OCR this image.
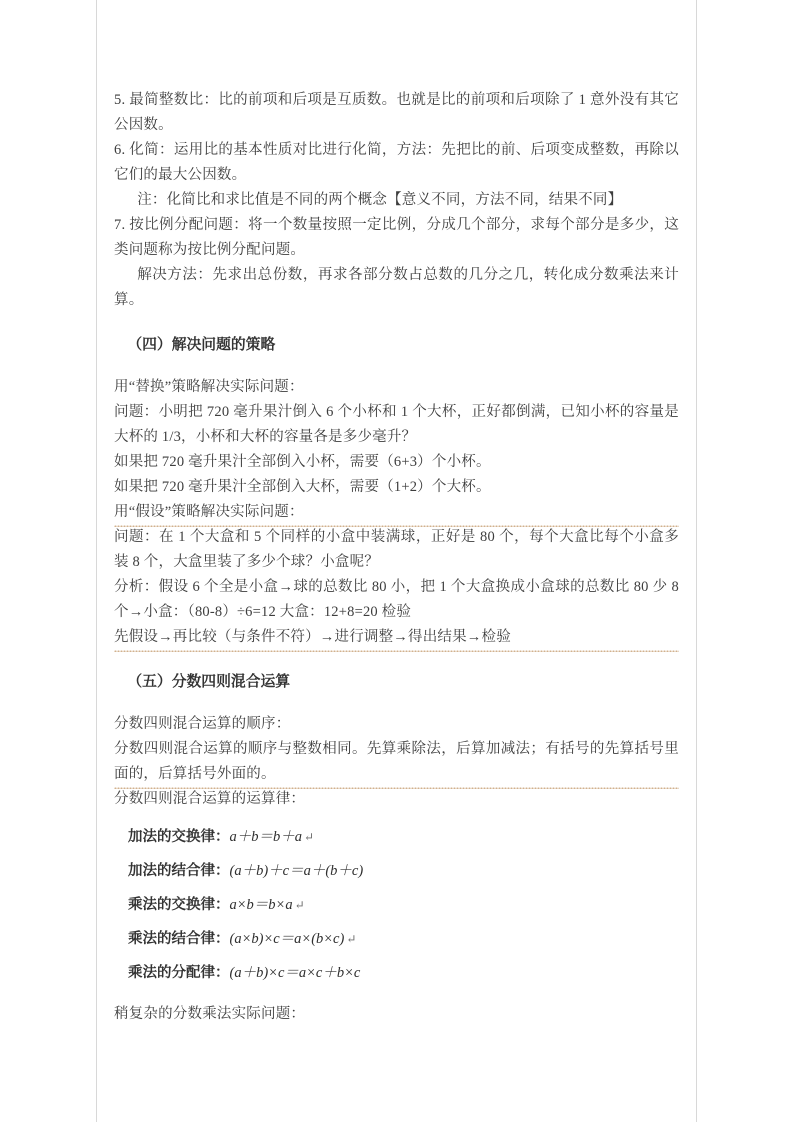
5. 最简整数比：比的前项和后项是互质数。也就是比的前项和后项除了 1 意外没有其它公因数。

6. 化简：运用比的基本性质对比进行化简，方法：先把比的前、后项变成整数，再除以它们的最大公因数。

注：化简比和求比值是不同的两个概念【意义不同，方法不同，结果不同】

7. 按比例分配问题：将一个数量按照一定比例，分成几个部分，求每个部分是多少，这类问题称为按比例分配问题。

解决方法：先求出总份数，再求各部分数占总数的几分之几，转化成分数乘法来计算。

（四）解决问题的策略

用“替换”策略解决实际问题：

问题：小明把 720 毫升果汁倒入 6 个小杯和 1 个大杯，正好都倒满，已知小杯的容量是大杯的 1/3，小杯和大杯的容量各是多少毫升？

如果把 720 毫升果汁全部倒入小杯，需要（6+3）个小杯。

如果把 720 毫升果汁全部倒入大杯，需要（1+2）个大杯。

用“假设”策略解决实际问题：

问题：在 1 个大盒和 5 个同样的小盒中装满球，正好是 80 个，每个大盒比每个小盒多装 8 个，大盒里装了多少个球？小盒呢？

分析：假设 6 个全是小盒→球的总数比 80 小，把 1 个大盒换成小盒球的总数比 80 少 8 个→小盒：（80-8）÷6=12 大盒：12+8=20 检验

先假设→再比较（与条件不符）→进行调整→得出结果→检验

（五）分数四则混合运算

分数四则混合运算的顺序：

分数四则混合运算的顺序与整数相同。先算乘除法，后算加减法；有括号的先算括号里面的，后算括号外面的。

分数四则混合运算的运算律：

加法的交换律： a＋b＝b＋a ↵
加法的结合律： (a＋b)＋c＝a＋(b＋c)
乘法的交换律： a×b＝b×a ↵
乘法的结合律： (a×b)×c＝a×(b×c) ↵
乘法的分配律： (a＋b)×c＝a×c＋b×c

稍复杂的分数乘法实际问题：
